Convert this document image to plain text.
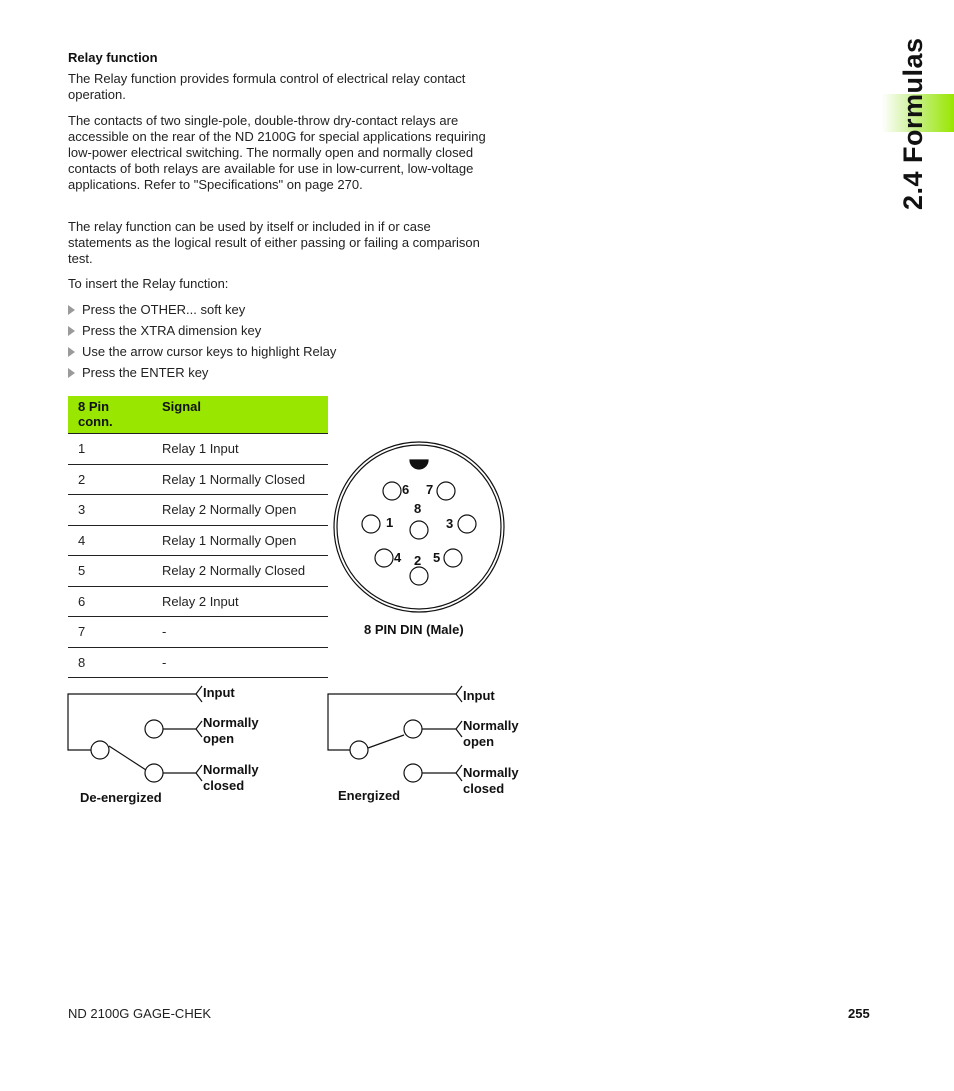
Relay function

The Relay function provides formula control of electrical relay contact operation.

The contacts of two single-pole, double-throw dry-contact relays are accessible on the rear of the ND 2100G for special applications requiring low-power electrical switching. The normally open and normally closed contacts of both relays are available for use in low-current, low-voltage applications. Refer to "Specifications" on page 270.

The relay function can be used by itself or included in if or case statements as the logical result of either passing or failing a comparison test.

To insert the Relay function:

Press the OTHER... soft key
Press the XTRA dimension key
Use the arrow cursor keys to highlight Relay
Press the ENTER key
8 Pin conn.	Signal
1	Relay 1 Input
2	Relay 1 Normally Closed
3	Relay 2 Normally Open
4	Relay 1 Normally Open
5	Relay 2 Normally Closed
6	Relay 2 Input
7	-
8	-
6 7
1	3
8
4 5
2
8 PIN DIN (Male)
Input
Normally
open
Normally
closed
De-energized
Input
Normally
open
Normally
closed
Energized
2.4 Formulas
ND 2100G GAGE-CHEK	255
